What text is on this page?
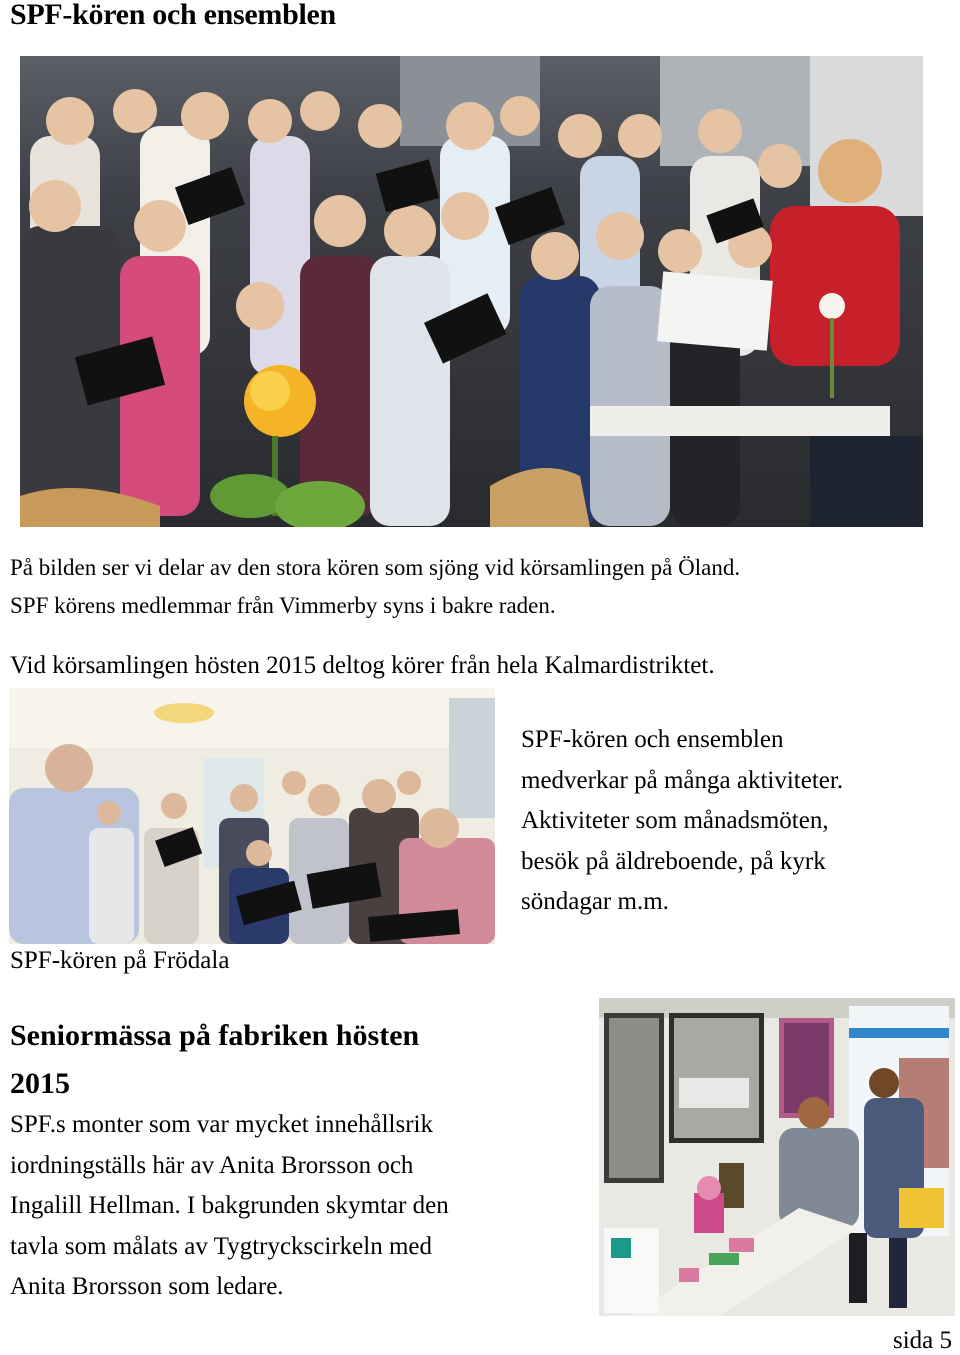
SPF-kören och ensemblen
På bilden ser vi delar av den stora kören som sjöng vid körsamlingen på Öland.
SPF körens medlemmar från Vimmerby syns i bakre raden.
Vid körsamlingen hösten 2015 deltog körer från hela Kalmardistriktet.
SPF-kören och ensemblen
medverkar på många aktiviteter.
Aktiviteter som månadsmöten,
besök på äldreboende, på kyrk
söndagar m.m.
SPF-kören på Frödala
Seniormässa på fabriken hösten
2015
SPF.s monter som var mycket innehållsrik
iordningställs här av Anita Brorsson och
Ingalill Hellman. I bakgrunden skymtar den
tavla som målats av Tygtryckscirkeln med
Anita Brorsson som ledare.
sida 5
